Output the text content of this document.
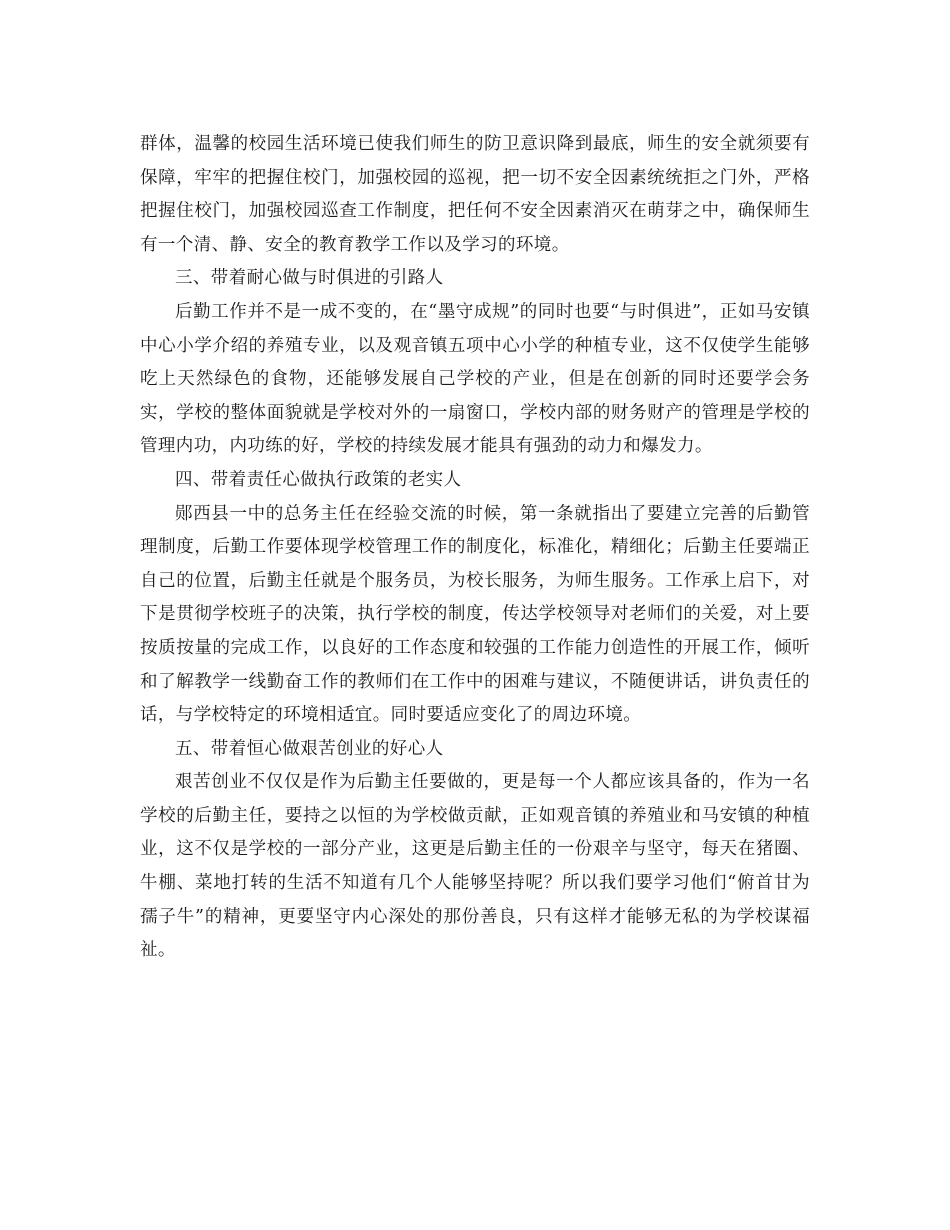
群体，温馨的校园生活环境已使我们师生的防卫意识降到最底，师生的安全就须要有保障，牢牢的把握住校门，加强校园的巡视，把一切不安全因素统统拒之门外，严格把握住校门，加强校园巡查工作制度，把任何不安全因素消灭在萌芽之中，确保师生有一个清、静、安全的教育教学工作以及学习的环境。

三、带着耐心做与时俱进的引路人

后勤工作并不是一成不变的，在“墨守成规”的同时也要“与时俱进”，正如马安镇中心小学介绍的养殖专业，以及观音镇五项中心小学的种植专业，这不仅使学生能够吃上天然绿色的食物，还能够发展自己学校的产业，但是在创新的同时还要学会务实，学校的整体面貌就是学校对外的一扇窗口，学校内部的财务财产的管理是学校的管理内功，内功练的好，学校的持续发展才能具有强劲的动力和爆发力。

四、带着责任心做执行政策的老实人

郧西县一中的总务主任在经验交流的时候，第一条就指出了要建立完善的后勤管理制度，后勤工作要体现学校管理工作的制度化，标准化，精细化；后勤主任要端正自己的位置，后勤主任就是个服务员，为校长服务，为师生服务。工作承上启下，对下是贯彻学校班子的决策，执行学校的制度，传达学校领导对老师们的关爱，对上要按质按量的完成工作，以良好的工作态度和较强的工作能力创造性的开展工作，倾听和了解教学一线勤奋工作的教师们在工作中的困难与建议，不随便讲话，讲负责任的话，与学校特定的环境相适宜。同时要适应变化了的周边环境。

五、带着恒心做艰苦创业的好心人

艰苦创业不仅仅是作为后勤主任要做的，更是每一个人都应该具备的，作为一名学校的后勤主任，要持之以恒的为学校做贡献，正如观音镇的养殖业和马安镇的种植业，这不仅是学校的一部分产业，这更是后勤主任的一份艰辛与坚守，每天在猪圈、牛棚、菜地打转的生活不知道有几个人能够坚持呢？所以我们要学习他们“俯首甘为孺子牛”的精神，更要坚守内心深处的那份善良，只有这样才能够无私的为学校谋福祉。
